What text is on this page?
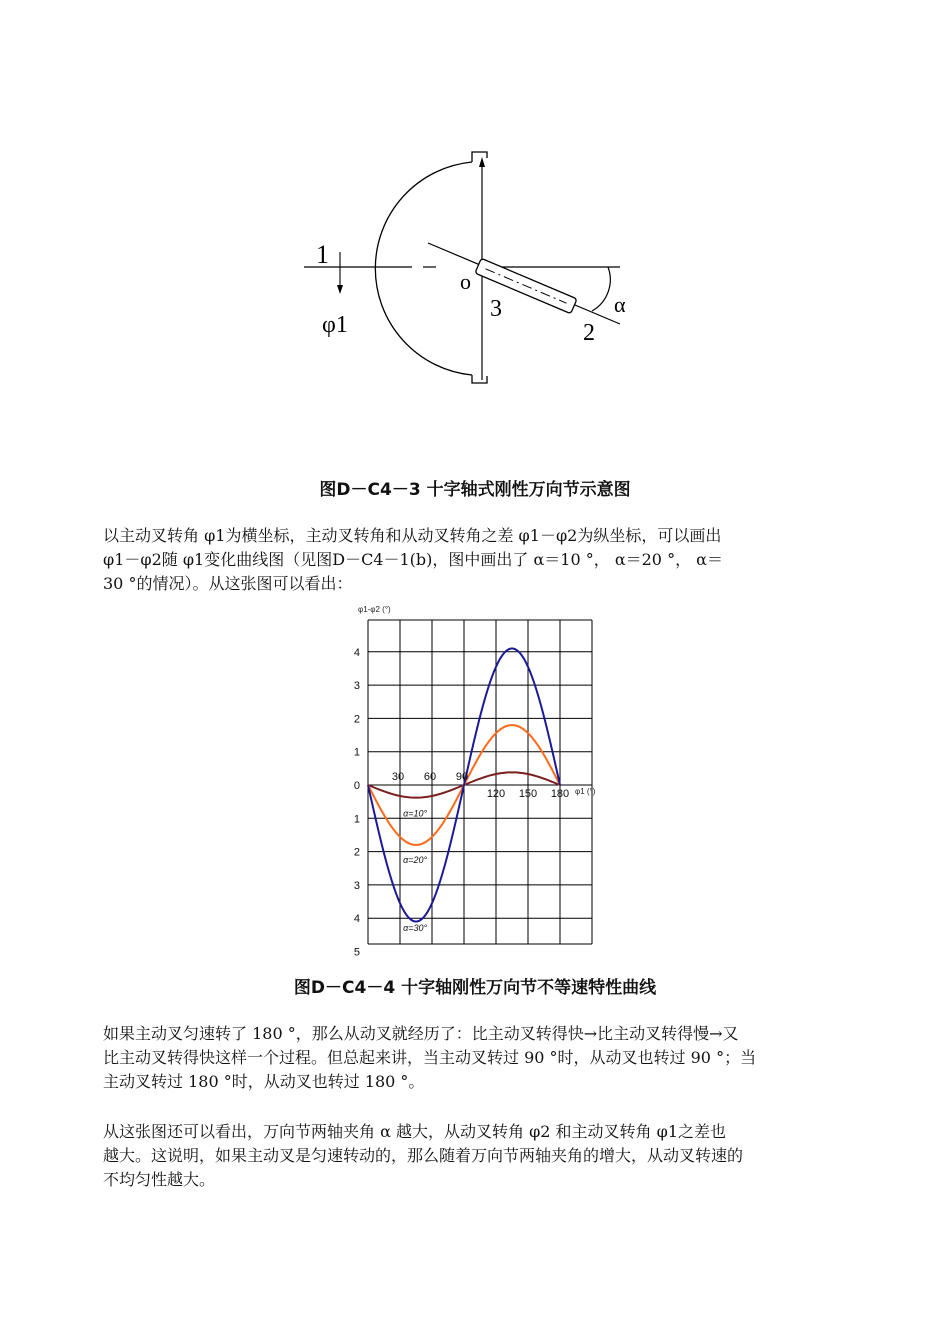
1
φ1
o
3
2
α
图D－C4－3 十字轴式刚性万向节示意图
以主动叉转角 φ1为横坐标，主动叉转角和从动叉转角之差 φ1－φ2为纵坐标，可以画出
φ1－φ2随 φ1变化曲线图（见图D－C4－1(b)，图中画出了 α＝10 °， α＝20 °， α＝
30 °的情况）。从这张图可以看出：
φ1-φ2 (°)
4
3
2
1
0
1
2
3
4
5
30 60 90
120 150 180
α=10°
α=20°
α=30°
φ1 (°)
图D－C4－4 十字轴刚性万向节不等速特性曲线
如果主动叉匀速转了 180 °，那么从动叉就经历了：比主动叉转得快→比主动叉转得慢→又
比主动叉转得快这样一个过程。但总起来讲，当主动叉转过 90 °时，从动叉也转过 90 °；当
主动叉转过 180 °时，从动叉也转过 180 °。
从这张图还可以看出，万向节两轴夹角 α 越大，从动叉转角 φ2 和主动叉转角 φ1之差也
越大。这说明，如果主动叉是匀速转动的，那么随着万向节两轴夹角的增大，从动叉转速的
不均匀性越大。
